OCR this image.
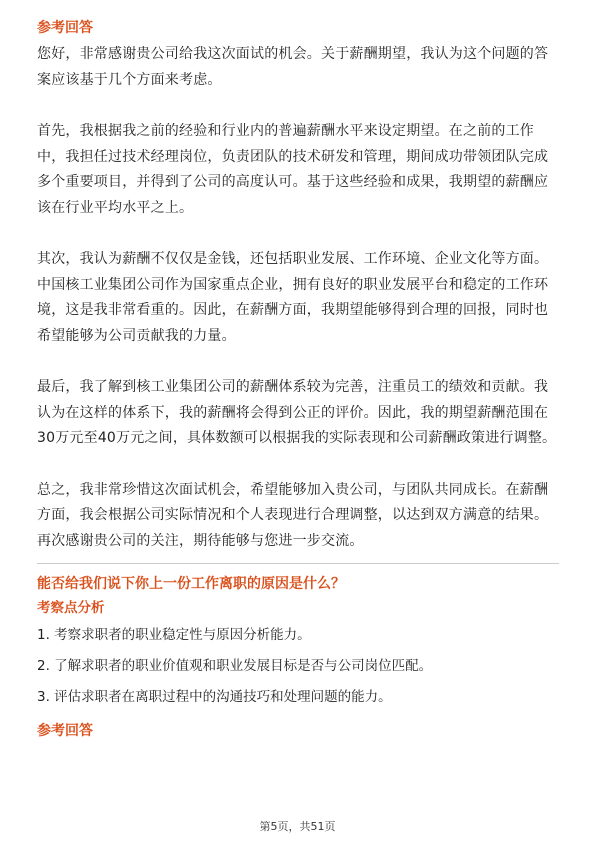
参考回答

您好，非常感谢贵公司给我这次面试的机会。关于薪酬期望，我认为这个问题的答
案应该基于几个方面来考虑。

首先，我根据我之前的经验和行业内的普遍薪酬水平来设定期望。在之前的工作
中，我担任过技术经理岗位，负责团队的技术研发和管理，期间成功带领团队完成
多个重要项目，并得到了公司的高度认可。基于这些经验和成果，我期望的薪酬应
该在行业平均水平之上。

其次，我认为薪酬不仅仅是金钱，还包括职业发展、工作环境、企业文化等方面。
中国核工业集团公司作为国家重点企业，拥有良好的职业发展平台和稳定的工作环
境，这是我非常看重的。因此，在薪酬方面，我期望能够得到合理的回报，同时也
希望能够为公司贡献我的力量。

最后，我了解到核工业集团公司的薪酬体系较为完善，注重员工的绩效和贡献。我
认为在这样的体系下，我的薪酬将会得到公正的评价。因此，我的期望薪酬范围在
30万元至40万元之间，具体数额可以根据我的实际表现和公司薪酬政策进行调整。

总之，我非常珍惜这次面试机会，希望能够加入贵公司，与团队共同成长。在薪酬
方面，我会根据公司实际情况和个人表现进行合理调整，以达到双方满意的结果。
再次感谢贵公司的关注，期待能够与您进一步交流。

能否给我们说下你上一份工作离职的原因是什么？

考察点分析

1. 考察求职者的职业稳定性与原因分析能力。

2. 了解求职者的职业价值观和职业发展目标是否与公司岗位匹配。

3. 评估求职者在离职过程中的沟通技巧和处理问题的能力。

参考回答

第5页，共51页
